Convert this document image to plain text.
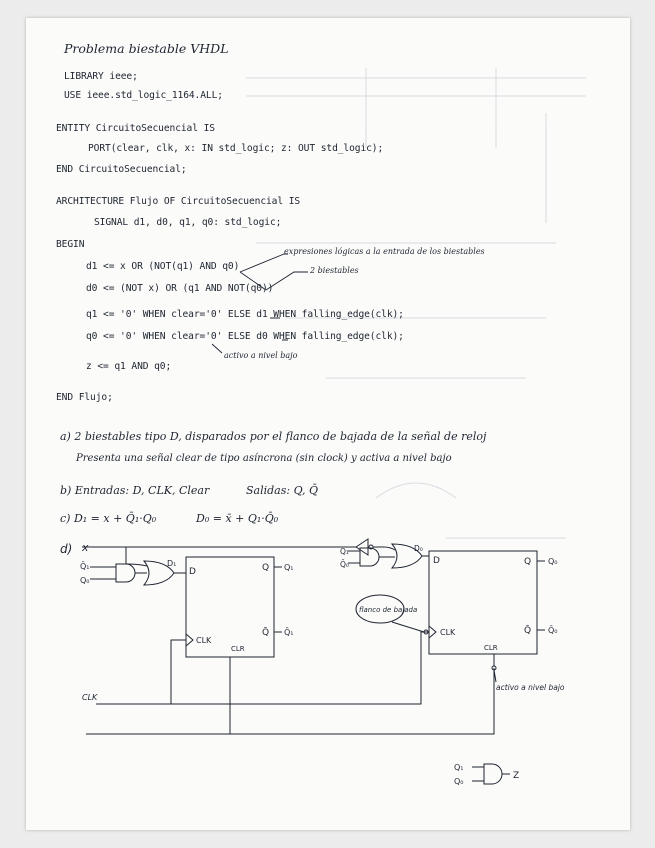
Problema biestable VHDL

LIBRARY ieee;

USE ieee.std_logic_1164.ALL;

ENTITY CircuitoSecuencial IS

PORT(clear, clk, x: IN std_logic; z: OUT std_logic);

END CircuitoSecuencial;

ARCHITECTURE Flujo OF CircuitoSecuencial IS

SIGNAL d1, d0, q1, q0: std_logic;

BEGIN

d1 <= x OR (NOT(q1) AND q0)

d0 <= (NOT x) OR (q1 AND NOT(q0))

q1 <= '0' WHEN clear='0' ELSE d1 WHEN falling_edge(clk);

q0 <= '0' WHEN clear='0' ELSE d0 WHEN falling_edge(clk);

z <= q1 AND q0;

END Flujo;

expresiones lógicas a la entrada de los biestables
2 biestables
activo a nivel bajo

a) 2 biestables tipo D, disparados por el flanco de bajada de la señal de reloj

Presenta una señal clear de tipo asíncrona (sin clock) y activa a nivel bajo

b) Entradas: D, CLK, Clear	Salidas: Q, Q̄

c) D₁ = x + Q̄₁·Q₀	D₀ = x̄ + Q₁·Q̄₀

d) x
Q̄₁
Q₀
D₁
D	Q
Q̄
CLK
CLR
Q₁
Q̄₁
Q₁
Q̄₀
D₀
D	Q
Q̄
CLK
CLR
Q₀
Q̄₀
CLK
flanco de bajada
activo a nivel bajo
Q₁
Q₀
Z
